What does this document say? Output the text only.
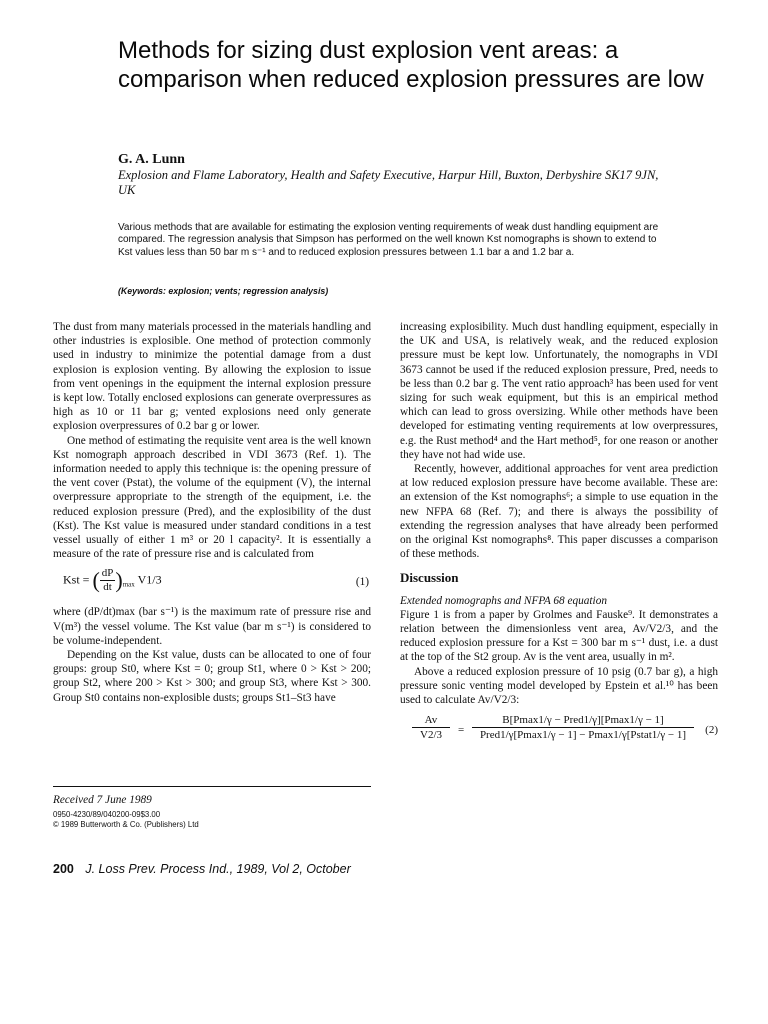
Methods for sizing dust explosion vent areas: a comparison when reduced explosion pressures are low

G. A. Lunn

Explosion and Flame Laboratory, Health and Safety Executive, Harpur Hill, Buxton, Derbyshire SK17 9JN, UK

Various methods that are available for estimating the explosion venting requirements of weak dust handling equipment are compared. The regression analysis that Simpson has performed on the well known Kst nomographs is shown to extend to Kst values less than 50 bar m s⁻¹ and to reduced explosion pressures between 1.1 bar a and 1.2 bar a.

(Keywords: explosion; vents; regression analysis)

The dust from many materials processed in the materials handling and other industries is explosible. One method of protection commonly used in industry to minimize the potential damage from a dust explosion is explosion venting. By allowing the explosion to issue from vent openings in the equipment the internal explosion pressure is kept low. Totally enclosed explosions can generate overpressures as high as 10 or 11 bar g; vented explosions need only generate explosion overpressures of 0.2 bar g or lower.

One method of estimating the requisite vent area is the well known Kst nomograph approach described in VDI 3673 (Ref. 1). The information needed to apply this technique is: the opening pressure of the vent cover (Pstat), the volume of the equipment (V), the internal overpressure appropriate to the strength of the equipment, i.e. the reduced explosion pressure (Pred), and the explosibility of the dust (Kst). The Kst value is measured under standard conditions in a test vessel usually of either 1 m³ or 20 l capacity². It is essentially a measure of the rate of pressure rise and is calculated from

Kst = ( $\frac{dP}{dt} )_{max}$ V1/3	(1)

where (dP/dt)max (bar s⁻¹) is the maximum rate of pressure rise and V(m³) the vessel volume. The Kst value (bar m s⁻¹) is considered to be volume-independent.

Depending on the Kst value, dusts can be allocated to one of four groups: group St0, where Kst = 0; group St1, where 0 > Kst > 200; group St2, where 200 > Kst > 300; and group St3, where Kst > 300. Group St0 contains non-explosible dusts; groups St1–St3 have

increasing explosibility. Much dust handling equipment, especially in the UK and USA, is relatively weak, and the reduced explosion pressure must be kept low. Unfortunately, the nomographs in VDI 3673 cannot be used if the reduced explosion pressure, Pred, needs to be less than 0.2 bar g. The vent ratio approach³ has been used for vent sizing for such weak equipment, but this is an empirical method which can lead to gross oversizing. While other methods have been developed for estimating venting requirements at low overpressures, e.g. the Rust method⁴ and the Hart method⁵, for one reason or another they have not had wide use.

Recently, however, additional approaches for vent area prediction at low reduced explosion pressure have become available. These are: an extension of the Kst nomographs⁶; a simple to use equation in the new NFPA 68 (Ref. 7); and there is always the possibility of extending the regression analyses that have already been performed on the original Kst nomographs⁸. This paper discusses a comparison of these methods.

Discussion

Extended nomographs and NFPA 68 equation

Figure 1 is from a paper by Grolmes and Fauske⁹. It demonstrates a relation between the dimensionless vent area, Av/V2/3, and the reduced explosion pressure for a Kst = 300 bar m s⁻¹ dust, i.e. a dust at the top of the St2 group. Av is the vent area, usually in m².

Above a reduced explosion pressure of 10 psig (0.7 bar g), a high pressure sonic venting model developed by Epstein et al.¹⁰ has been used to calculate Av/V2/3:

$\frac{Av}{V2/3}$ =
B[Pmax1/γ − Pred1/γ][Pmax1/γ − 1]
Pred1/γ[Pmax1/γ − 1] − Pmax1/γ[Pstat1/γ − 1]	(2)

Received 7 June 1989

0950-4230/89/040200-09$3.00
© 1989 Butterworth & Co. (Publishers) Ltd

200 J. Loss Prev. Process Ind., 1989, Vol 2, October
